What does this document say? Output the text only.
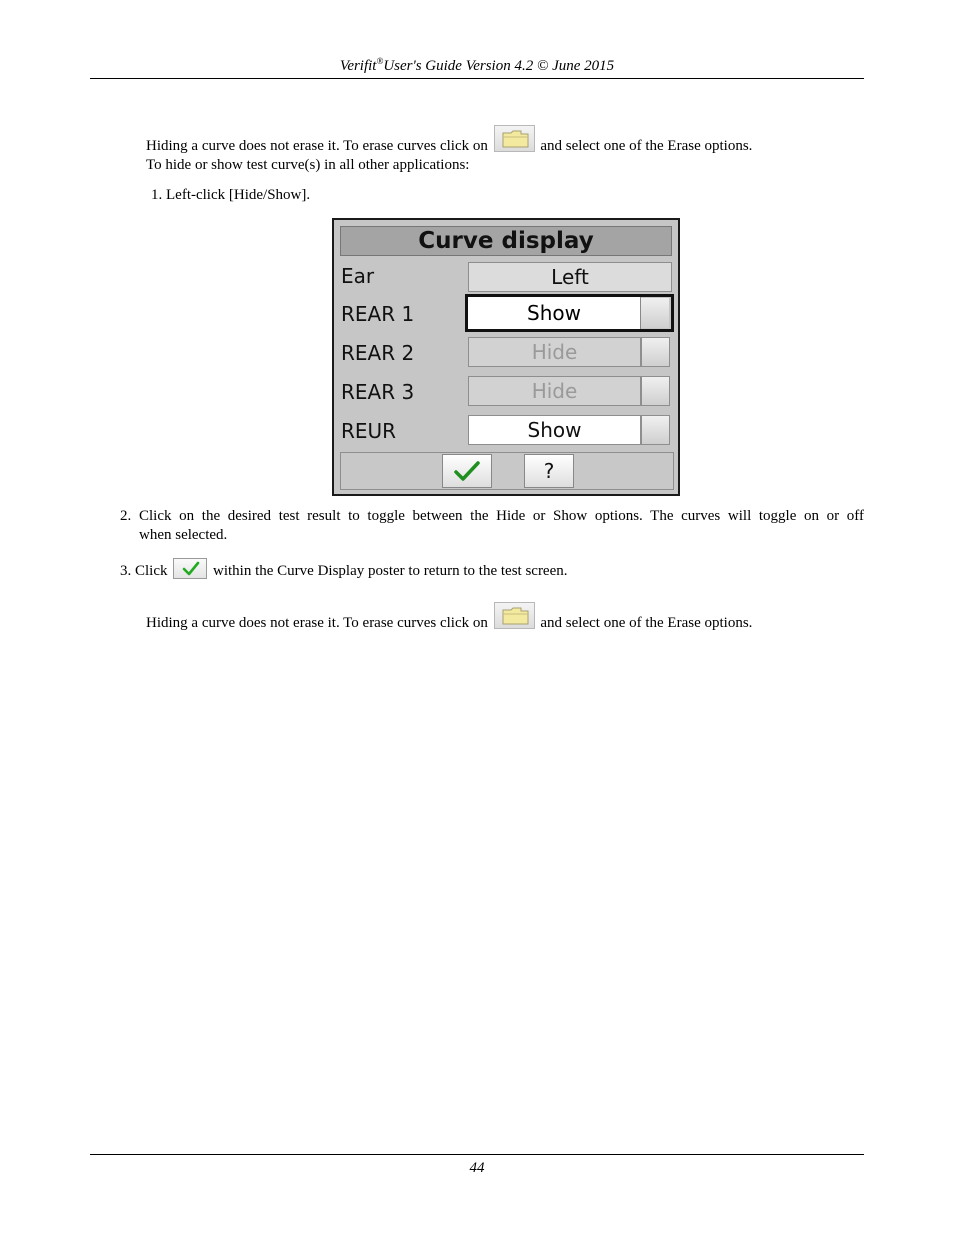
Verifit®User's Guide Version 4.2 © June 2015
Hiding a curve does not erase it. To erase curves click on	and select one of the Erase options.
To hide or show test curve(s) in all other applications:
1. Left-click [Hide/Show].
Curve display
Ear	Left
REAR 1	Show
REAR 2	Hide
REAR 3	Hide
REUR	Show
?
2. Click on the desired test result to toggle between the Hide or Show options. The curves will toggle on or off
when selected.
3. Click	within the Curve Display poster to return to the test screen.
Hiding a curve does not erase it. To erase curves click on	and select one of the Erase options.
44
